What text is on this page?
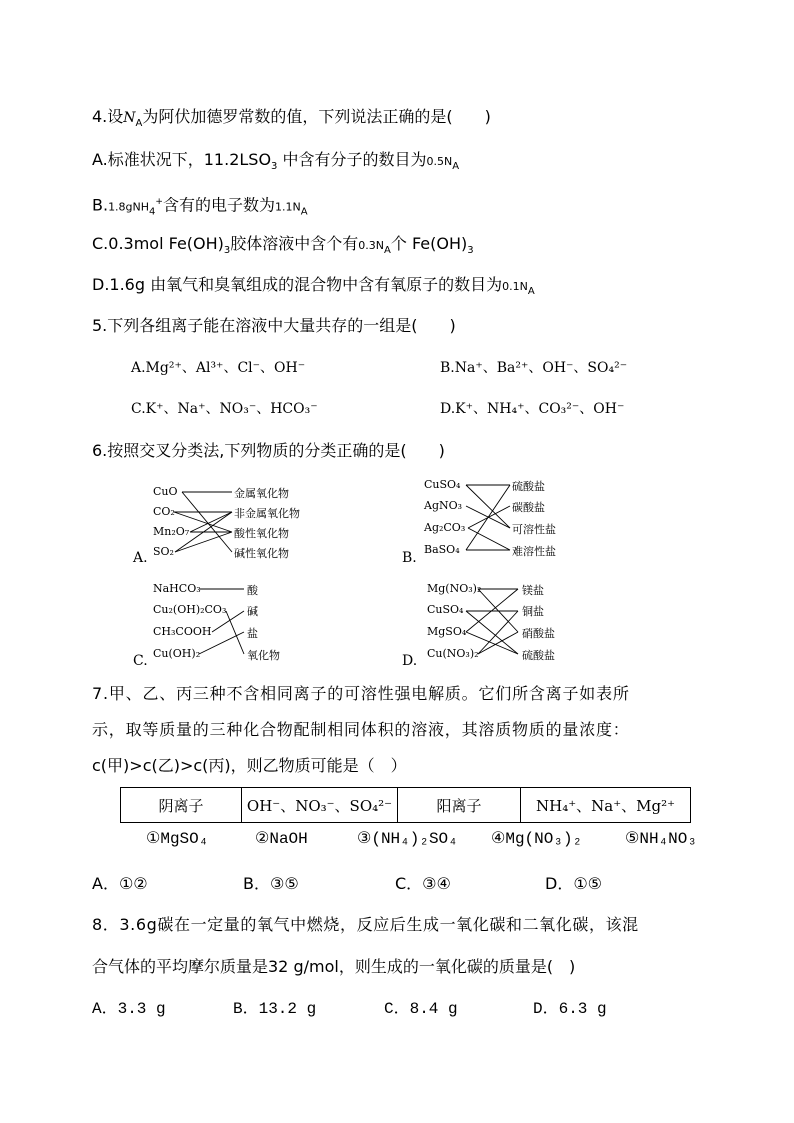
4.设$N_A$为阿伏加德罗常数的值，下列说法正确的是(　　)
A.标准状况下，$11.2LSO_3$ 中含有分子的数目为$0.5N_A$
B.1.8gNH$_4$+含有的电子数为$1.1N_A$
C.0.3mol $Fe(OH)_3$胶体溶液中含个有$0.3N_A$个 $Fe(OH)_3$
D.1.6g 由氧气和臭氧组成的混合物中含有氧原子的数目为$0.1N_A$
5.下列各组离子能在溶液中大量共存的一组是(　　)
A.Mg²⁺、Al³⁺、Cl⁻、OH⁻	B.Na⁺、Ba²⁺、OH⁻、SO₄²⁻
C.K⁺、Na⁺、NO₃⁻、HCO₃⁻	D.K⁺、NH₄⁺、CO₃²⁻、OH⁻
6.按照交叉分类法,下列物质的分类正确的是(　　)
CuO
CO₂
Mn₂O₇
SO₂
金属氧化物
非金属氧化物
酸性氧化物
碱性氧化物
A.
CuSO₄
AgNO₃
Ag₂CO₃
BaSO₄
硫酸盐
碳酸盐
可溶性盐
难溶性盐
B.
NaHCO₃
Cu₂(OH)₂CO₃
CH₃COOH
Cu(OH)₂
酸
碱
盐
氧化物
C.
Mg(NO₃)₂
CuSO₄
MgSO₄
Cu(NO₃)₂
镁盐
铜盐
硝酸盐
硫酸盐
D.
7.甲、乙、丙三种不含相同离子的可溶性强电解质。它们所含离子如表所
示，取等质量的三种化合物配制相同体积的溶液，其溶质物质的量浓度：
c(甲)>c(乙)>c(丙)，则乙物质可能是（　）
阴离子	OH⁻、NO₃⁻、SO₄²⁻	阳离子	NH₄⁺、Na⁺、Mg²⁺
①MgSO₄	②NaOH	③(NH₄)₂SO₄ ④Mg(NO₃)₂	⑤NH₄NO₃
A．①②	B．③⑤	C．③④	D．①⑤
8．3.6g碳在一定量的氧气中燃烧，反应后生成一氧化碳和二氧化碳，该混
合气体的平均摩尔质量是32 g/mol，则生成的一氧化碳的质量是(　)
A．3.3 g	B．13.2 g	C．8.4 g	D．6.3 g
